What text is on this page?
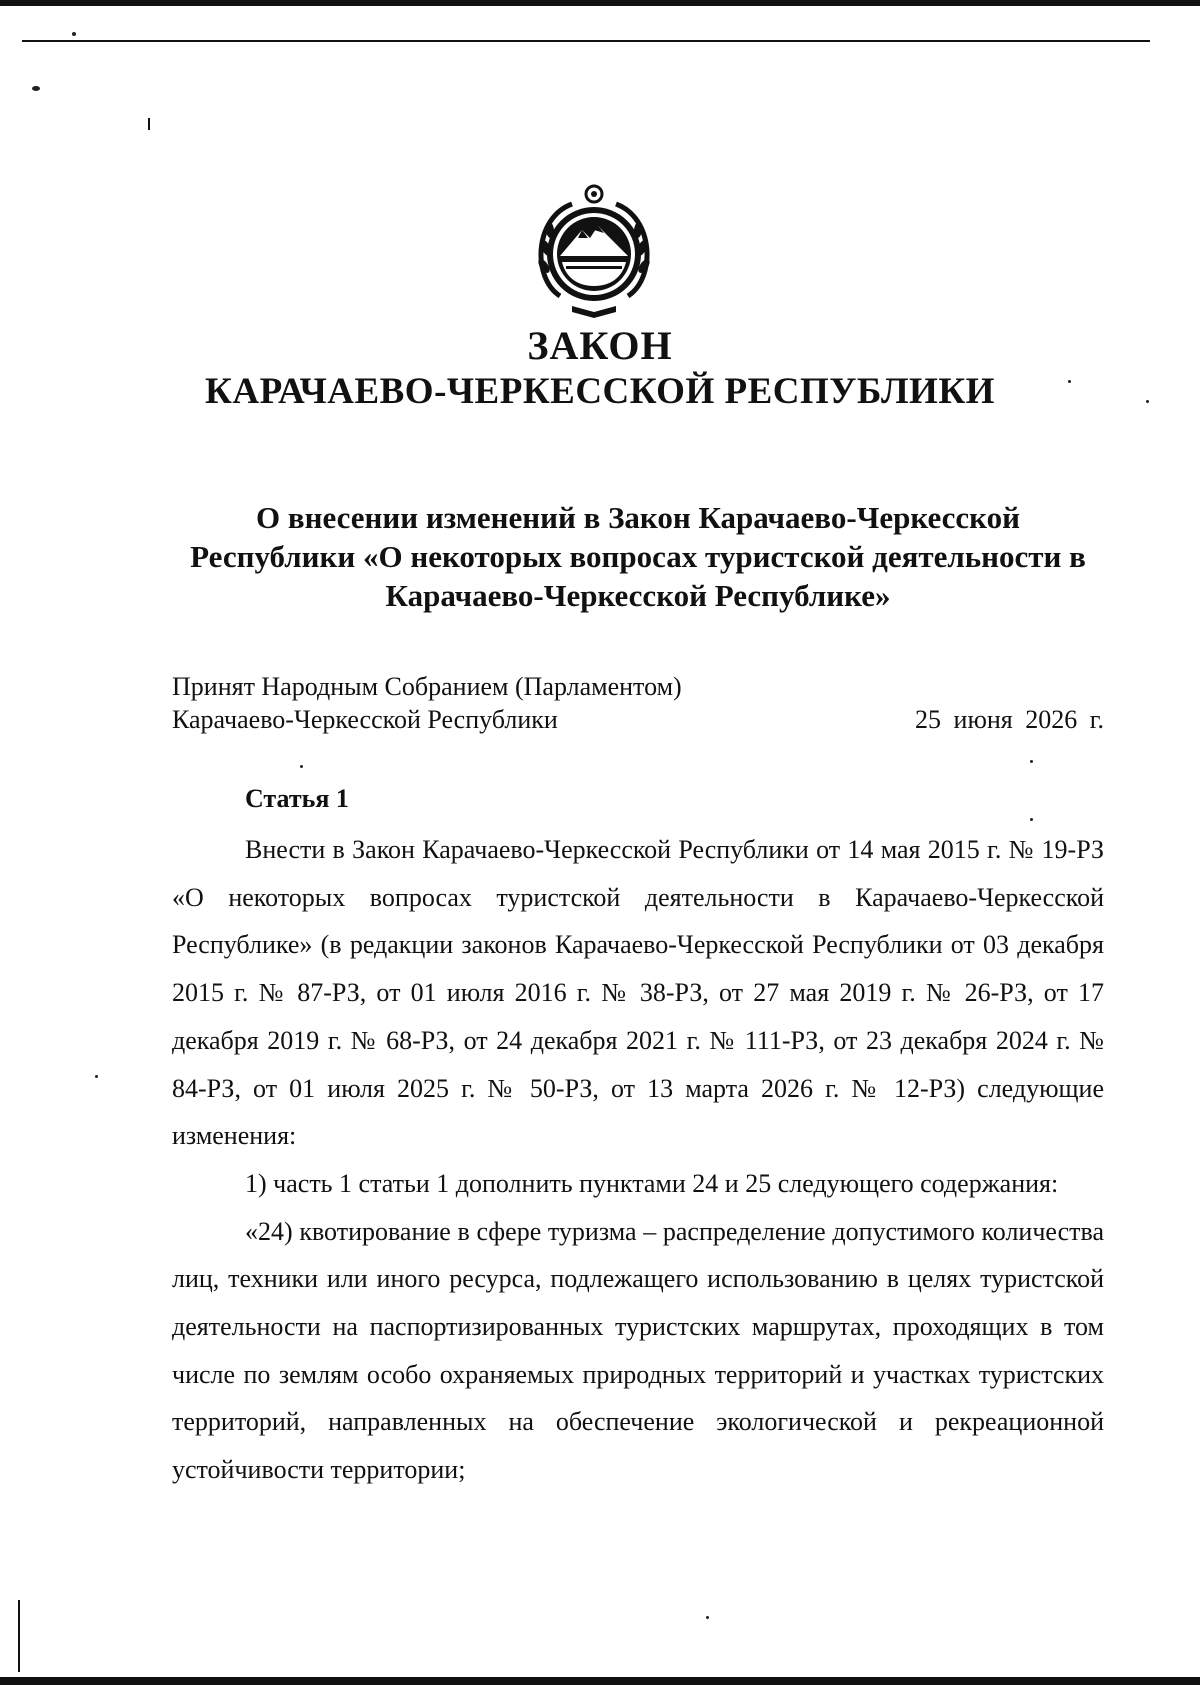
ЗАКОН
КАРАЧАЕВО-ЧЕРКЕССКОЙ РЕСПУБЛИКИ
О внесении изменений в Закон Карачаево-Черкесской
Республики «О некоторых вопросах туристской деятельности в
Карачаево-Черкесской Республике»
Принят Народным Собранием (Парламентом)
Карачаево-Черкесской Республики	25 июня 2026 г.
Статья 1

Внести в Закон Карачаево-Черкесской Республики от 14 мая 2015 г. № 19-РЗ «О некоторых вопросах туристской деятельности в Карачаево-Черкесской Республике» (в редакции законов Карачаево-Черкесской Республики от 03 декабря 2015 г. № 87-РЗ, от 01 июля 2016 г. № 38-РЗ, от 27 мая 2019 г. № 26-РЗ, от 17 декабря 2019 г. № 68-РЗ, от 24 декабря 2021 г. № 111-РЗ, от 23 декабря 2024 г. № 84-РЗ, от 01 июля 2025 г. № 50-РЗ, от 13 марта 2026 г. № 12-РЗ) следующие изменения:

1) часть 1 статьи 1 дополнить пунктами 24 и 25 следующего содержания:

«24) квотирование в сфере туризма – распределение допустимого количества лиц, техники или иного ресурса, подлежащего использованию в целях туристской деятельности на паспортизированных туристских маршрутах, проходящих в том числе по землям особо охраняемых природных территорий и участках туристских территорий, направленных на обеспечение экологической и рекреационной устойчивости территории;
